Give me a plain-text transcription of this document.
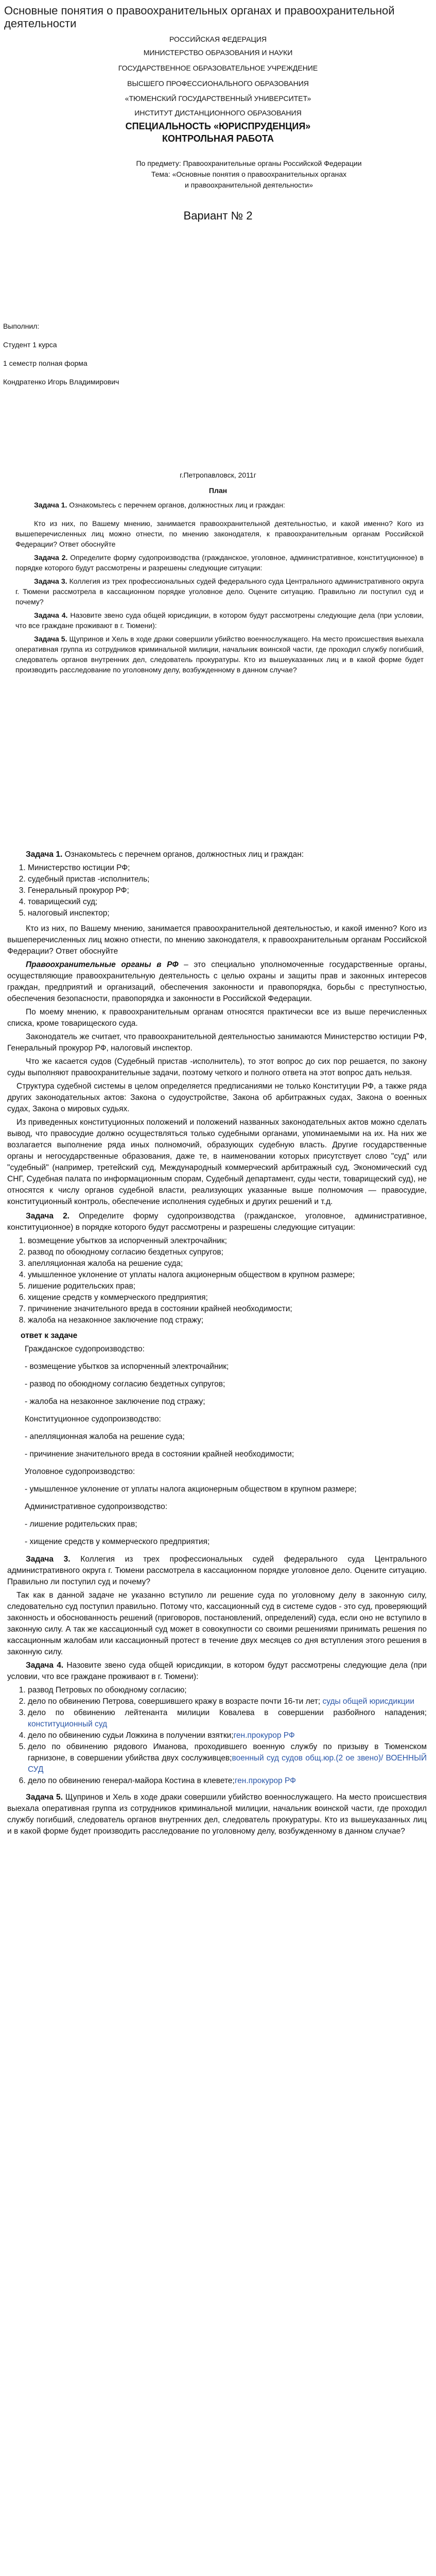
Основные понятия о правоохранительных органах и правоохранительной деятельности

РОССИЙСКАЯ ФЕДЕРАЦИЯ

МИНИСТЕРСТВО ОБРАЗОВАНИЯ И НАУКИ

ГОСУДАРСТВЕННОЕ ОБРАЗОВАТЕЛЬНОЕ УЧРЕЖДЕНИЕ

ВЫСШЕГО ПРОФЕССИОНАЛЬНОГО ОБРАЗОВАНИЯ

«ТЮМЕНСКИЙ ГОСУДАРСТВЕННЫЙ УНИВЕРСИТЕТ»

ИНСТИТУТ ДИСТАНЦИОННОГО ОБРАЗОВАНИЯ

СПЕЦИАЛЬНОСТЬ «ЮРИСПРУДЕНЦИЯ»

КОНТРОЛЬНАЯ РАБОТА

По предмету: Правоохранительные органы Российской Федерации

Тема: «Основные понятия о правоохранительных органах

и правоохранительной деятельности»

Вариант № 2

Выполнил:

Студент 1 курса

1 семестр полная форма

Кондратенко Игорь Владимирович

г.Петропавловск, 2011г
План

Задача 1. Ознакомьтесь с перечнем органов, должностных лиц и граждан:

Кто из них, по Вашему мнению, занимается правоохранительной деятельностью, и какой именно? Кого из вышеперечисленных лиц можно отнести, по мнению законодателя, к правоохранительным органам Российской Федерации? Ответ обоснуйте

Задача 2. Определите форму судопроизводства (гражданское, уголовное, административное, конституционное) в порядке которого будут рассмотрены и разрешены следующие ситуации:

Задача 3. Коллегия из трех профессиональных судей федерального суда Центрального административного округа г. Тюмени рассмотрела в кассационном порядке уголовное дело. Оцените ситуацию. Правильно ли поступил суд и почему?

Задача 4. Назовите звено суда общей юрисдикции, в котором будут рассмотрены следующие дела (при условии, что все граждане проживают в г. Тюмени):

Задача 5. Щупринов и Хель в ходе драки совершили убийство военнослужащего. На место происшествия выехала оперативная группа из сотрудников криминальной милиции, начальник воинской части, где проходил службу погибший, следователь органов внутренних дел, следователь прокуратуры. Кто из вышеуказанных лиц и в какой форме будет производить расследование по уголовному делу, возбужденному в данном случае?

Задача 1. Ознакомьтесь с перечнем органов, должностных лиц и граждан:

1. Министерство юстиции РФ;
2. судебный пристав -исполнитель;
3. Генеральный прокурор РФ;
4. товарищеский суд;
5. налоговый инспектор;

Кто из них, по Вашему мнению, занимается правоохранительной деятельностью, и какой именно? Кого из вышеперечисленных лиц можно отнести, по мнению законодателя, к правоохранительным органам Российской Федерации? Ответ обоснуйте

Правоохранительные органы в РФ – это специально уполномоченные государственные органы, осуществляющие правоохранительную деятельность с целью охраны и защиты прав и законных интересов граждан, предприятий и организаций, обеспечения законности и правопорядка, борьбы с преступностью, обеспечения безопасности, правопорядка и законности в Российской Федерации.

По моему мнению, к правоохранительным органам относятся практически все из выше перечисленных списка, кроме товарищеского суда.

Законодатель же считает, что правоохранительной деятельностью занимаются Министерство юстиции РФ, Генеральный прокурор РФ, налоговый инспектор.

Что же касается судов (Судебный пристав -исполнитель), то этот вопрос до сих пор решается, по закону суды выполняют правоохранительные задачи, поэтому четкого и полного ответа на этот вопрос дать нельзя.

Структура судебной системы в целом определяется предписаниями не только Конституции РФ, а также ряда других законодательных актов: Закона о судоустройстве, Закона об арбитражных судах, Закона о военных судах, Закона о мировых судьях.

Из приведенных конституционных положений и положений названных законодательных актов можно сделать вывод, что правосудие должно осуществляться только судебными органами, упоминаемыми на их. На них же возлагается выполнение ряда иных полномочий, образующих судебную власть. Другие государственные органы и негосударственные образования, даже те, в наименовании которых присутствует слово "суд" или "судебный" (например, третейский суд, Международный коммерческий арбитражный суд, Экономический суд СНГ, Судебная палата по информационным спорам, Судебный департамент, суды чести, товарищеский суд), не относятся к числу органов судебной власти, реализующих указанные выше полномочия — правосудие, конституционный контроль, обеспечение исполнения судебных и других решений и т.д.

Задача 2. Определите форму судопроизводства (гражданское, уголовное, административное, конституционное) в порядке которого будут рассмотрены и разрешены следующие ситуации:

1. возмещение убытков за испорченный электрочайник;
2. развод по обоюдному согласию бездетных супругов;
3. апелляционная жалоба на решение суда;
4. умышленное уклонение от уплаты налога акционерным обществом в крупном размере;
5. лишение родительских прав;
6. хищение средств у коммерческого предприятия;
7. причинение значительного вреда в состоянии крайней необходимости;
8. жалоба на незаконное заключение под стражу;

ответ к задаче

Гражданское судопроизводство:

- возмещение убытков за испорченный электрочайник;

- развод по обоюдному согласию бездетных супругов;

- жалоба на незаконное заключение под стражу;

Конституционное судопроизводство:

- апелляционная жалоба на решение суда;

- причинение значительного вреда в состоянии крайней необходимости;

Уголовное судопроизводство:

- умышленное уклонение от уплаты налога акционерным обществом в крупном размере;

Административное судопроизводство:

- лишение родительских прав;

- хищение средств у коммерческого предприятия;

Задача 3. Коллегия из трех профессиональных судей федерального суда Центрального административного округа г. Тюмени рассмотрела в кассационном порядке уголовное дело. Оцените ситуацию. Правильно ли поступил суд и почему?

Так как в данной задаче не указанно вступило ли решение суда по уголовному делу в законную силу, следовательно суд поступил правильно. Потому что, кассационный суд в системе судов - это суд, проверяющий законность и обоснованность решений (приговоров, постановлений, определений) суда, если оно не вступило в законную силу. А так же кассационный суд может в совокупности со своими решениями принимать решения по кассационным жалобам или кассационный протест в течение двух месяцев со дня вступления этого решения в законную силу.

Задача 4. Назовите звено суда общей юрисдикции, в котором будут рассмотрены следующие дела (при условии, что все граждане проживают в г. Тюмени):

1. развод Петровых по обоюдному согласию;
2. дело по обвинению Петрова, совершившего кражу в возрасте почти 16-ти лет; суды общей юрисдикции
3. дело по обвинению лейтенанта милиции Ковалева в совершении разбойного нападения; конституционный суд
4. дело по обвинению судьи Ложкина в получении взятки;ген.прокурор РФ
5. дело по обвинению рядового Иманова, проходившего военную службу по призыву в Тюменском гарнизоне, в совершении убийства двух сослуживцев;военный суд судов общ.юр.(2 ое звено)/ ВОЕННЫЙ СУД
6. дело по обвинению генерал-майора Костина в клевете;ген.прокурор РФ

Задача 5. Щупринов и Хель в ходе драки совершили убийство военнослужащего. На место происшествия выехала оперативная группа из сотрудников криминальной милиции, начальник воинской части, где проходил службу погибший, следователь органов внутренних дел, следователь прокуратуры. Кто из вышеуказанных лиц и в какой форме будет производить расследование по уголовному делу, возбужденному в данном случае?
